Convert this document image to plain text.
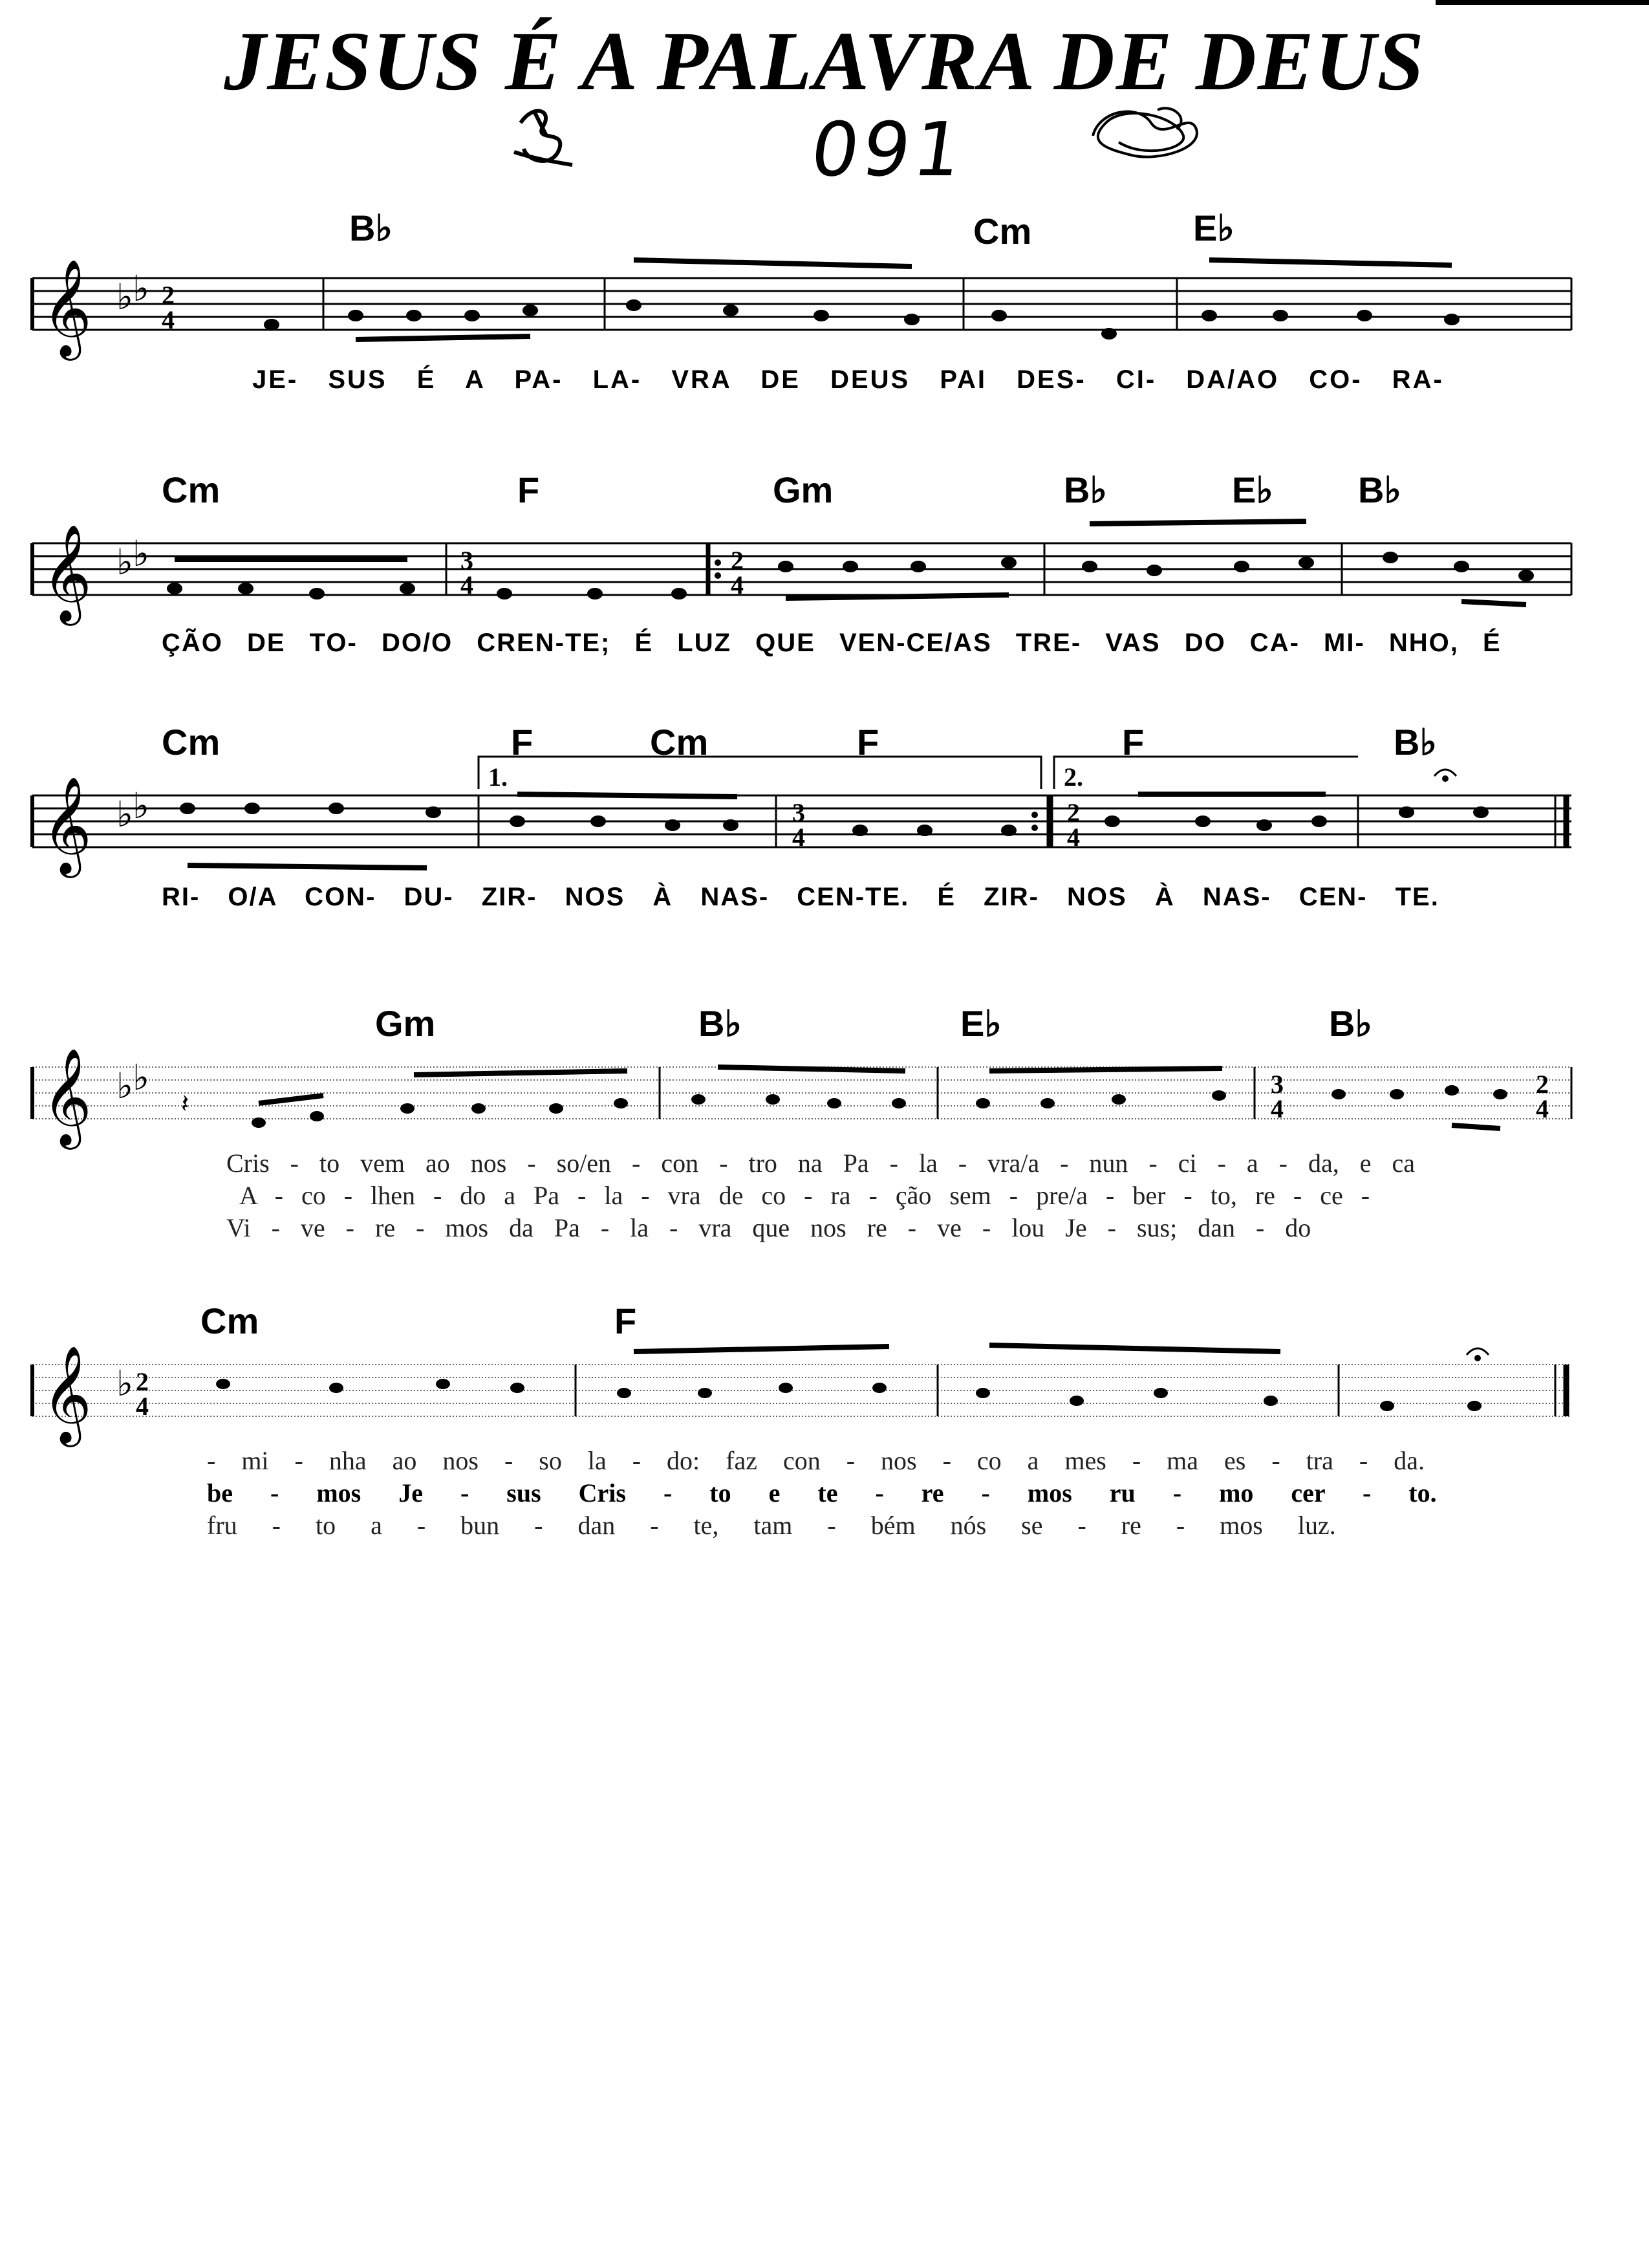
JESUS É A PALAVRA DE DEUS
091
B♭	Cm	E♭
𝄞 ♭ ♭ 2
4
JE- SUS É A PA- LA- VRA DE DEUS PAI DES- CI- DA/AO CO- RA-
Cm	F	Gm	B♭	E♭ B♭
𝄞 ♭ ♭	3
4
2
4
ÇÃO DE TO- DO/O CREN-TE; É LUZ QUE VEN-CE/AS TRE- VAS DO CA- MI- NHO, É
Cm	F	Cm	F	F	B♭
𝄞 ♭ ♭
1.	2.
3
4
2
4
RI- O/A CON- DU- ZIR- NOS À NAS- CEN-TE. É ZIR- NOS À NAS- CEN- TE.
Gm	B♭	E♭	B♭
𝄞 ♭ ♭	3
4
2
4
𝄽
Cris - to vem ao nos - so/en - con - tro na Pa - la - vra/a - nun - ci - a - da, e ca
A - co - lhen - do a Pa - la - vra de co - ra - ção sem - pre/a - ber - to, re - ce -
Vi - ve - re - mos da Pa - la - vra que nos re - ve - lou Je - sus; dan - do
Cm	F
𝄞 ♭ 2
4
- mi - nha ao nos - so la - do: faz con - nos - co a mes - ma es - tra - da.
be - mos Je - sus Cris - to e te - re - mos ru - mo cer - to.
fru - to a - bun - dan - te, tam - bém nós se - re - mos luz.
